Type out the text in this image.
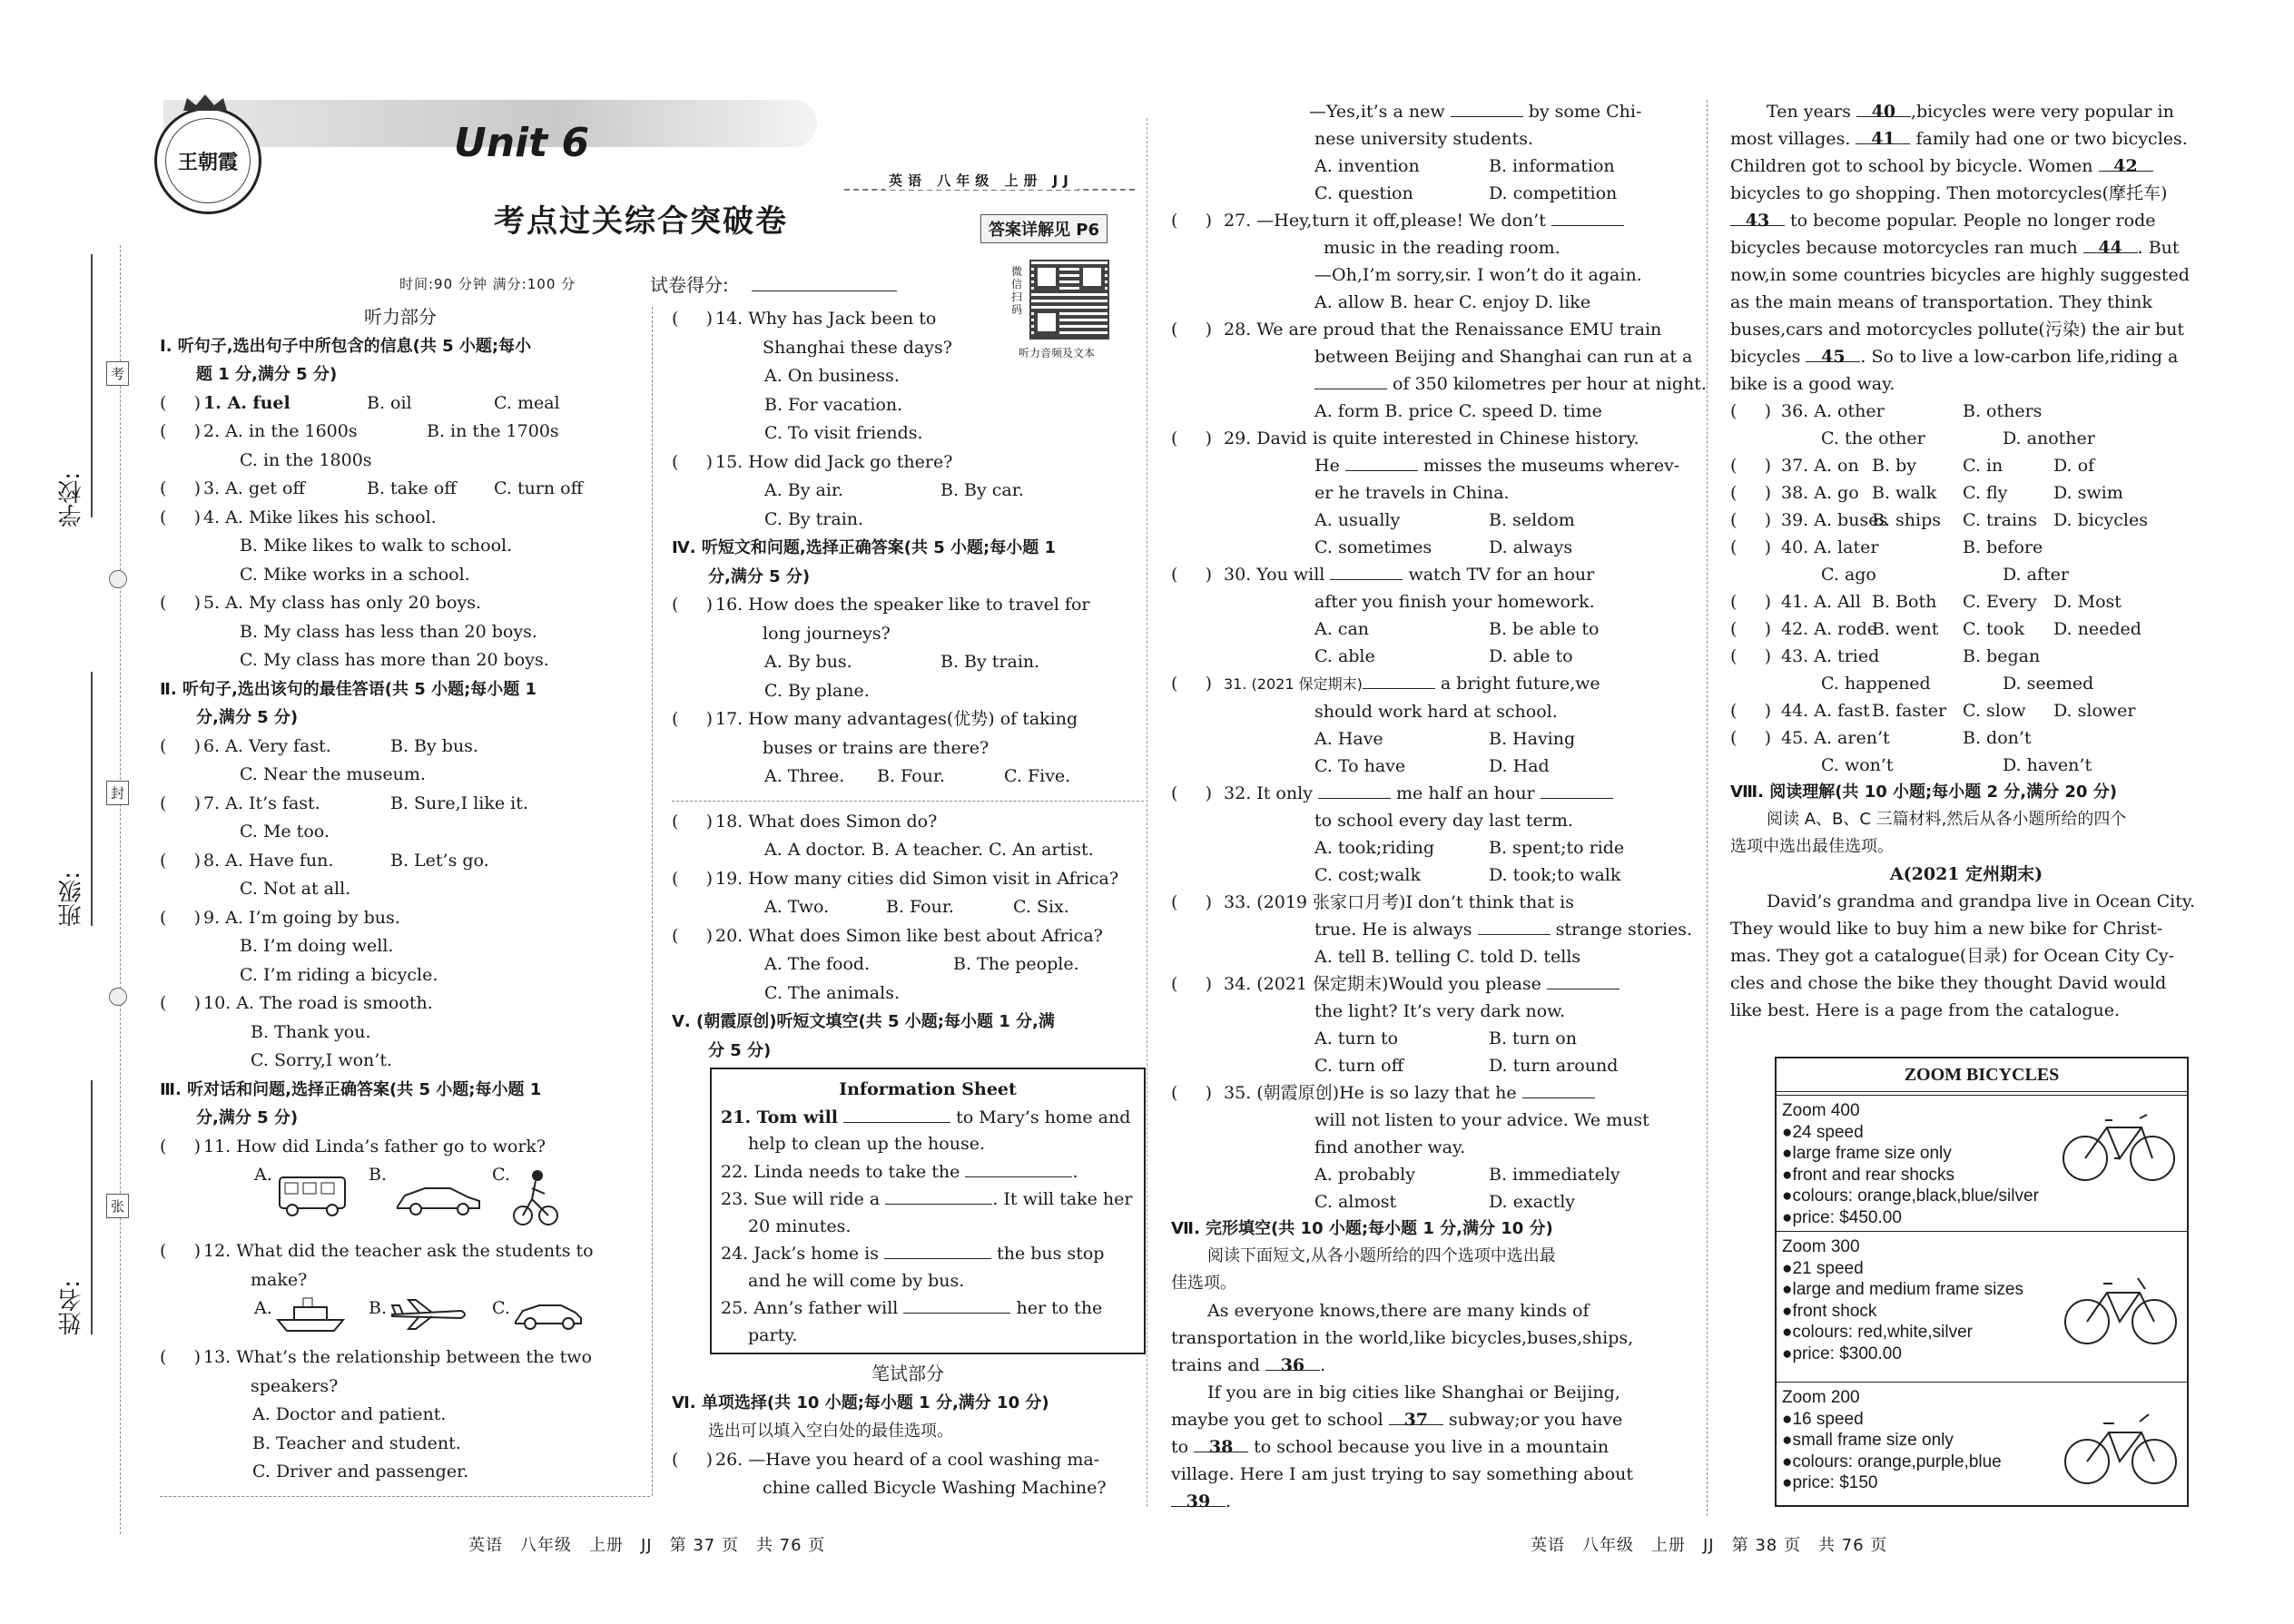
学校:
班级:
姓名:
考
封
张
王朝霞	Unit 6
考点过关综合突破卷
英语 八年级 上册 JJ
答案详解见 P6
微信扫码
听力音频及文本
时间:90 分钟 满分:100 分	试卷得分:
听力部分
Ⅰ. 听句子,选出句子中所包含的信息(共 5 小题;每小
题 1 分,满分 5 分)
(     ) 1. A. fuel	B. oil	C. meal
(     ) 2. A. in the 1600s	B. in the 1700s
C. in the 1800s
(     ) 3. A. get off	B. take off C. turn off
(     ) 4. A. Mike likes his school.
B. Mike likes to walk to school.
C. Mike works in a school.
(     ) 5. A. My class has only 20 boys.
B. My class has less than 20 boys.
C. My class has more than 20 boys.
Ⅱ. 听句子,选出该句的最佳答语(共 5 小题;每小题 1
分,满分 5 分)
(     ) 6. A. Very fast.	B. By bus.
C. Near the museum.
(     ) 7. A. It’s fast.	B. Sure,I like it.
C. Me too.
(     ) 8. A. Have fun.	B. Let’s go.
C. Not at all.
(     ) 9. A. I’m going by bus.
B. I’m doing well.
C. I’m riding a bicycle.
(     ) 10. A. The road is smooth.
B. Thank you.
C. Sorry,I won’t.
Ⅲ. 听对话和问题,选择正确答案(共 5 小题;每小题 1
分,满分 5 分)
(     ) 11. How did Linda’s father go to work?
A.	B.	C.
(     ) 12. What did the teacher ask the students to
make?
A.	B.	C.
(     ) 13. What’s the relationship between the two
speakers?
A. Doctor and patient.
B. Teacher and student.
C. Driver and passenger.
(     ) 14. Why has Jack been to
Shanghai these days?
A. On business.
B. For vacation.
C. To visit friends.
(     ) 15. How did Jack go there?
A. By air.	B. By car.
C. By train.
Ⅳ. 听短文和问题,选择正确答案(共 5 小题;每小题 1
分,满分 5 分)
(     ) 16. How does the speaker like to travel for
long journeys?
A. By bus.	B. By train.
C. By plane.
(     ) 17. How many advantages(优势) of taking
buses or trains are there?
A. Three. B. Four.	C. Five.
(     ) 18. What does Simon do?
A. A doctor. B. A teacher. C. An artist.
(     ) 19. How many cities did Simon visit in Africa?
A. Two.	B. Four.	C. Six.
(     ) 20. What does Simon like best about Africa?
A. The food.	B. The people.
C. The animals.
Ⅴ. (朝霞原创)听短文填空(共 5 小题;每小题 1 分,满
分 5 分)
Information Sheet
21. Tom will	to Mary’s home and
help to clean up the house.
22. Linda needs to take the	.
23. Sue will ride a	. It will take her
20 minutes.
24. Jack’s home is	the bus stop
and he will come by bus.
25. Ann’s father will	her to the
party.
笔试部分
Ⅵ. 单项选择(共 10 小题;每小题 1 分,满分 10 分)
选出可以填入空白处的最佳选项。
(     ) 26. —Have you heard of a cool washing ma-
chine called Bicycle Washing Machine?
—Yes,it’s a new	by some Chi-
nese university students.
A. invention	B. information
C. question	D. competition
(     ) 27. —Hey,turn it off,please! We don’t
music in the reading room.
—Oh,I’m sorry,sir. I won’t do it again.
A. allow B. hear C. enjoy D. like
(     ) 28. We are proud that the Renaissance EMU train
between Beijing and Shanghai can run at a
of 350 kilometres per hour at night.
A. form B. price C. speed D. time
(     ) 29. David is quite interested in Chinese history.
He	misses the museums wherev-
er he travels in China.
A. usually	B. seldom
C. sometimes	D. always
(     ) 30. You will	watch TV for an hour
after you finish your homework.
A. can	B. be able to
C. able	D. able to
(     ) 31. (2021 保定期末)	a bright future,we
should work hard at school.
A. Have	B. Having
C. To have	D. Had
(     ) 32. It only	me half an hour
to school every day last term.
A. took;riding	B. spent;to ride
C. cost;walk	D. took;to walk
(     ) 33. (2019 张家口月考)I don’t think that is
true. He is always	strange stories.
A. tell B. telling C. told D. tells
(     ) 34. (2021 保定期末)Would you please
the light? It’s very dark now.
A. turn to	B. turn on
C. turn off	D. turn around
(     ) 35. (朝霞原创)He is so lazy that he
will not listen to your advice. We must
find another way.
A. probably	B. immediately
C. almost	D. exactly
Ⅶ. 完形填空(共 10 小题;每小题 1 分,满分 10 分)
阅读下面短文,从各小题所给的四个选项中选出最
佳选项。
As everyone knows,there are many kinds of
transportation in the world,like bicycles,buses,ships,
trains and 36 .
If you are in big cities like Shanghai or Beijing,
maybe you get to school 37 subway;or you have
to 38 to school because you live in a mountain
village. Here I am just trying to say something about
39 .
Ten years 40 ,bicycles were very popular in
most villages. 41 family had one or two bicycles.
Children got to school by bicycle. Women 42
bicycles to go shopping. Then motorcycles(摩托车)
43 to become popular. People no longer rode
bicycles because motorcycles ran much 44 . But
now,in some countries bicycles are highly suggested
as the main means of transportation. They think
buses,cars and motorcycles pollute(污染) the air but
bicycles 45 . So to live a low-carbon life,riding a
bike is a good way.
(     ) 36. A. other	B. others
C. the other	D. another
(     ) 37. A. on B. by	C. in	D. of
(     ) 38. A. go B. walk C. fly	D. swim
(     ) 39. A. busesB. ships C. trains D. bicycles
(     ) 40. A. later	B. before
C. ago	D. after
(     ) 41. A. All B. Both C. Every D. Most
(     ) 42. A. rodeB. went C. took D. needed
(     ) 43. A. tried	B. began
C. happened	D. seemed
(     ) 44. A. fast B. faster C. slow D. slower
(     ) 45. A. aren’t	B. don’t
C. won’t	D. haven’t
Ⅷ. 阅读理解(共 10 小题;每小题 2 分,满分 20 分)
阅读 A、B、C 三篇材料,然后从各小题所给的四个
选项中选出最佳选项。
A(2021 定州期末)
David’s grandma and grandpa live in Ocean City.
They would like to buy him a new bike for Christ-
mas. They got a catalogue(目录) for Ocean City Cy-
cles and chose the bike they thought David would
like best. Here is a page from the catalogue.
ZOOM BICYCLES
Zoom 400
●24 speed
●large frame size only
●front and rear shocks
●colours: orange,black,blue/silver
●price: $450.00
Zoom 300
●21 speed
●large and medium frame sizes
●front shock
●colours: red,white,silver
●price: $300.00
Zoom 200
●16 speed
●small frame size only
●colours: orange,purple,blue
●price: $150
英语　八年级　上册　JJ　第 37 页　共 76 页	英语　八年级　上册　JJ　第 38 页　共 76 页
